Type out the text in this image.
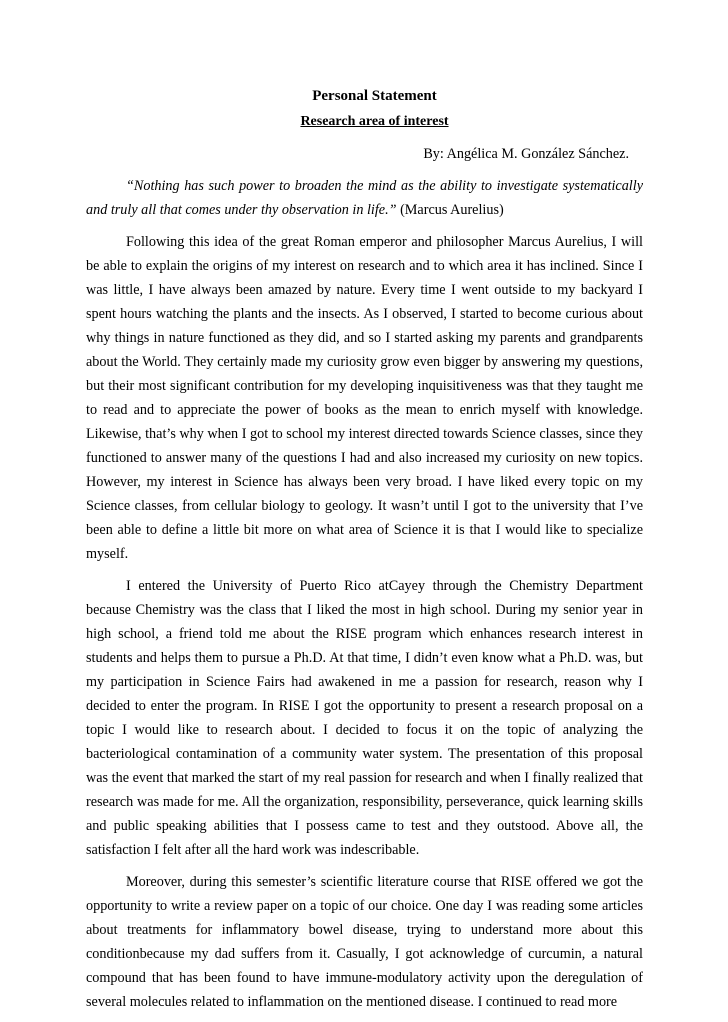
Personal Statement
Research area of interest
By: Angélica M. González Sánchez.

“Nothing has such power to broaden the mind as the ability to investigate systematically and truly all that comes under thy observation in life.” (Marcus Aurelius)

Following this idea of the great Roman emperor and philosopher Marcus Aurelius, I will be able to explain the origins of my interest on research and to which area it has inclined. Since I was little, I have always been amazed by nature. Every time I went outside to my backyard I spent hours watching the plants and the insects. As I observed, I started to become curious about why things in nature functioned as they did, and so I started asking my parents and grandparents about the World. They certainly made my curiosity grow even bigger by answering my questions, but their most significant contribution for my developing inquisitiveness was that they taught me to read and to appreciate the power of books as the mean to enrich myself with knowledge. Likewise, that’s why when I got to school my interest directed towards Science classes, since they functioned to answer many of the questions I had and also increased my curiosity on new topics. However, my interest in Science has always been very broad. I have liked every topic on my Science classes, from cellular biology to geology. It wasn’t until I got to the university that I’ve been able to define a little bit more on what area of Science it is that I would like to specialize myself.

I entered the University of Puerto Rico atCayey through the Chemistry Department because Chemistry was the class that I liked the most in high school. During my senior year in high school, a friend told me about the RISE program which enhances research interest in students and helps them to pursue a Ph.D. At that time, I didn’t even know what a Ph.D. was, but my participation in Science Fairs had awakened in me a passion for research, reason why I decided to enter the program. In RISE I got the opportunity to present a research proposal on a topic I would like to research about. I decided to focus it on the topic of analyzing the bacteriological contamination of a community water system. The presentation of this proposal was the event that marked the start of my real passion for research and when I finally realized that research was made for me. All the organization, responsibility, perseverance, quick learning skills and public speaking abilities that I possess came to test and they outstood. Above all, the satisfaction I felt after all the hard work was indescribable.

Moreover, during this semester’s scientific literature course that RISE offered we got the opportunity to write a review paper on a topic of our choice. One day I was reading some articles about treatments for inflammatory bowel disease, trying to understand more about this conditionbecause my dad suffers from it. Casually, I got acknowledge of curcumin, a natural compound that has been found to have immune-modulatory activity upon the deregulation of several molecules related to inflammation on the mentioned disease. I continued to read more
